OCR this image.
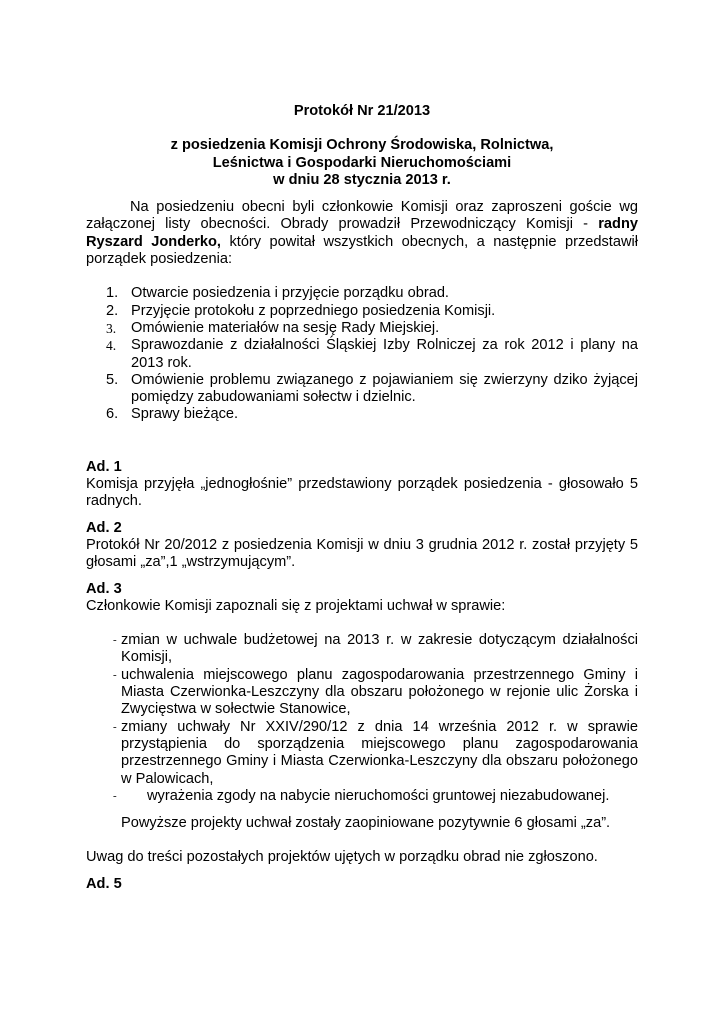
Protokół Nr 21/2013
z posiedzenia Komisji Ochrony Środowiska, Rolnictwa,
Leśnictwa i Gospodarki Nieruchomościami
w dniu 28 stycznia 2013 r.

Na posiedzeniu obecni byli członkowie Komisji oraz zaproszeni goście wg załączonej listy obecności. Obrady prowadził Przewodniczący Komisji - radny Ryszard Jonderko, który powitał wszystkich obecnych, a następnie przedstawił porządek posiedzenia:

1. Otwarcie posiedzenia i przyjęcie porządku obrad.
2. Przyjęcie protokołu z poprzedniego posiedzenia Komisji.
3. Omówienie materiałów na sesję Rady Miejskiej.
4. Sprawozdanie z działalności Śląskiej Izby Rolniczej za rok 2012 i plany na 2013 rok.
5. Omówienie problemu związanego z pojawianiem się zwierzyny dziko żyjącej pomiędzy zabudowaniami sołectw i dzielnic.
6. Sprawy bieżące.
Ad. 1
Komisja przyjęła „jednogłośnie” przedstawiony porządek posiedzenia - głosowało 5 radnych.
Ad. 2
Protokół Nr 20/2012 z posiedzenia Komisji w dniu 3 grudnia 2012 r. został przyjęty 5 głosami „za”,1 „wstrzymującym”.
Ad. 3
Członkowie Komisji zapoznali się z projektami uchwał w sprawie:
- zmian w uchwale budżetowej na 2013 r. w zakresie dotyczącym działalności Komisji,
- uchwalenia miejscowego planu zagospodarowania przestrzennego Gminy i Miasta Czerwionka-Leszczyny dla obszaru położonego w rejonie ulic Żorska i Zwycięstwa w sołectwie Stanowice,
- zmiany uchwały Nr XXIV/290/12 z dnia 14 września 2012 r. w sprawie przystąpienia do sporządzenia miejscowego planu zagospodarowania przestrzennego Gminy i Miasta Czerwionka-Leszczyny dla obszaru położonego w Palowicach,
- wyrażenia zgody na nabycie nieruchomości gruntowej niezabudowanej.
Powyższe projekty uchwał zostały zaopiniowane pozytywnie 6 głosami „za”.
Uwag do treści pozostałych projektów ujętych w porządku obrad nie zgłoszono.
Ad. 5
